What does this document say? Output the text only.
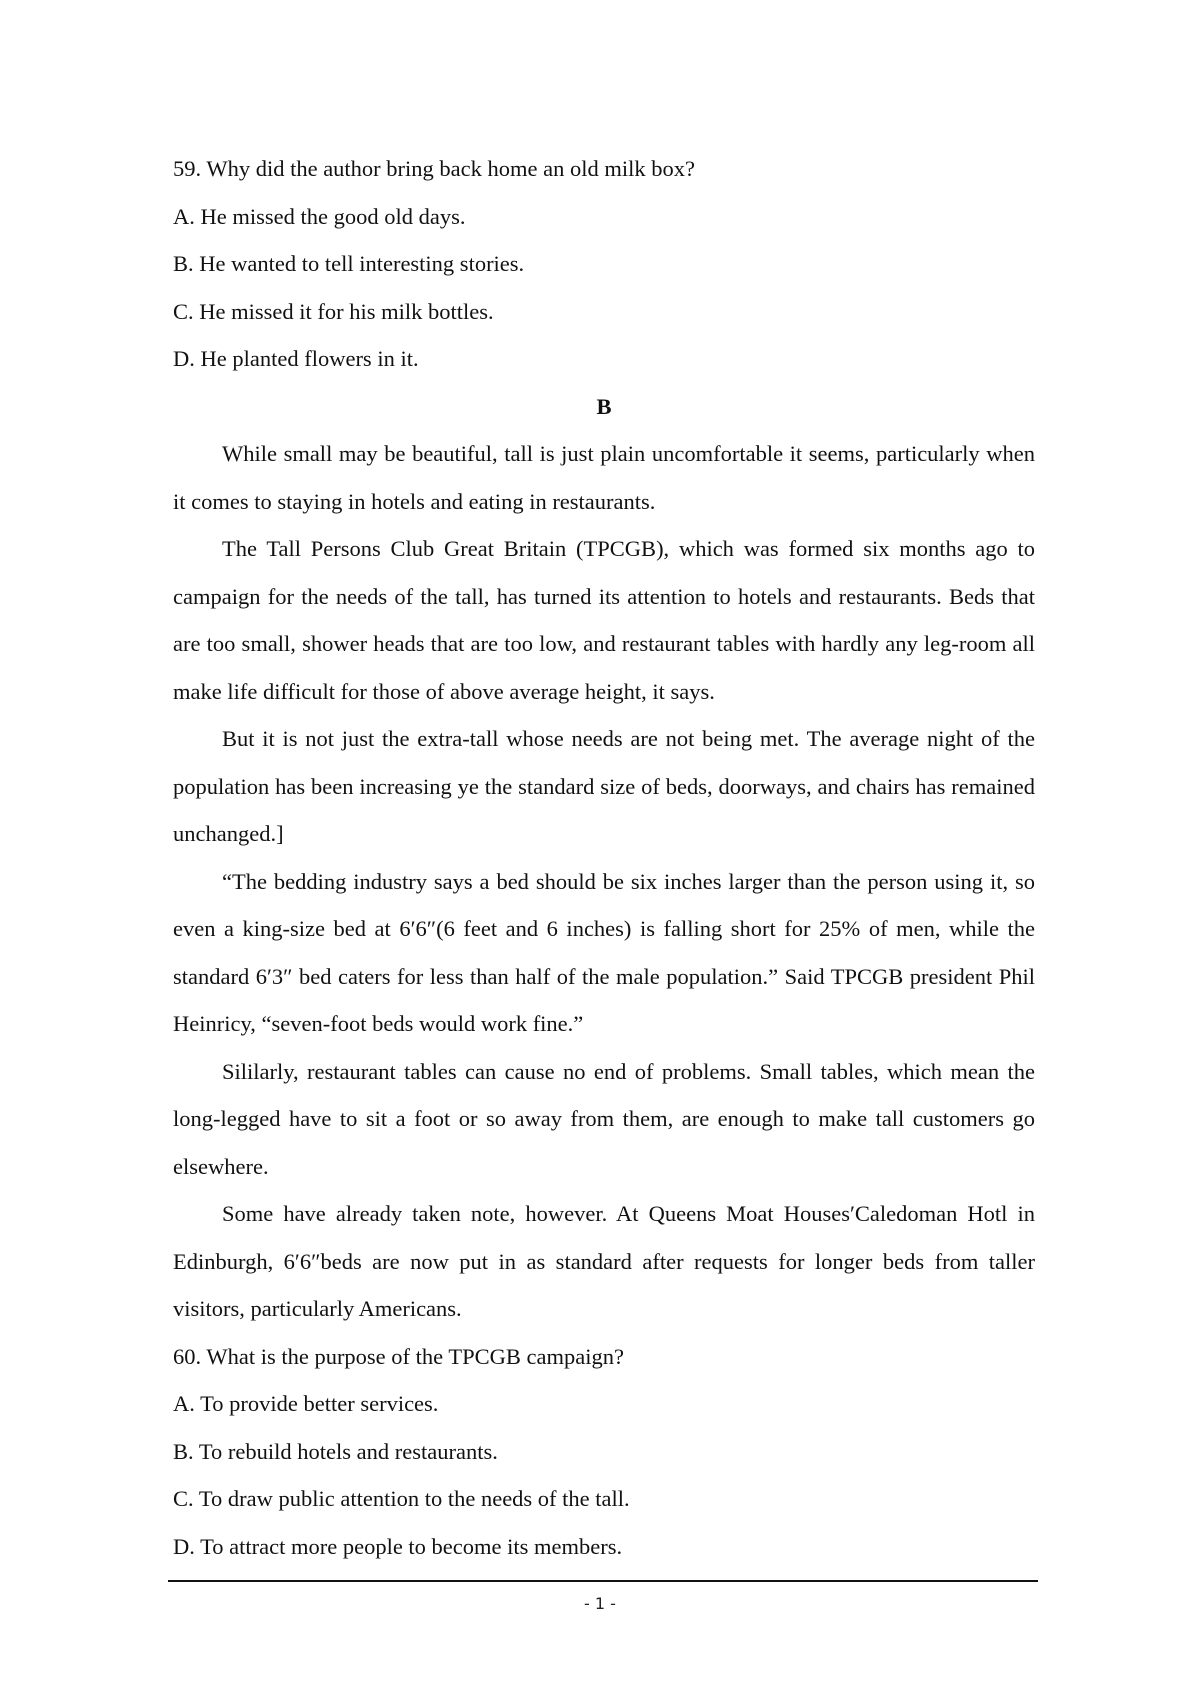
59. Why did the author bring back home an old milk box?

A. He missed the good old days.

B. He wanted to tell interesting stories.

C. He missed it for his milk bottles.

D. He planted flowers in it.

B

While small may be beautiful, tall is just plain uncomfortable it seems, particularly when it comes to staying in hotels and eating in restaurants.

The Tall Persons Club Great Britain (TPCGB), which was formed six months ago to campaign for the needs of the tall, has turned its attention to hotels and restaurants. Beds that are too small, shower heads that are too low, and restaurant tables with hardly any leg-room all make life difficult for those of above average height, it says.

But it is not just the extra-tall whose needs are not being met. The average night of the population has been increasing ye the standard size of beds, doorways, and chairs has remained unchanged.]

“The bedding industry says a bed should be six inches larger than the person using it, so even a king-size bed at 6′6″(6 feet and 6 inches) is falling short for 25% of men, while the standard 6′3″ bed caters for less than half of the male population.” Said TPCGB president Phil Heinricy, “seven-foot beds would work fine.”

Sililarly, restaurant tables can cause no end of problems. Small tables, which mean the long-legged have to sit a foot or so away from them, are enough to make tall customers go elsewhere.

Some have already taken note, however. At Queens Moat Houses′Caledoman Hotl in Edinburgh, 6′6″beds are now put in as standard after requests for longer beds from taller visitors, particularly Americans.

60. What is the purpose of the TPCGB campaign?

A. To provide better services.

B. To rebuild hotels and restaurants.

C. To draw public attention to the needs of the tall.

D. To attract more people to become its members.

- 1 -
